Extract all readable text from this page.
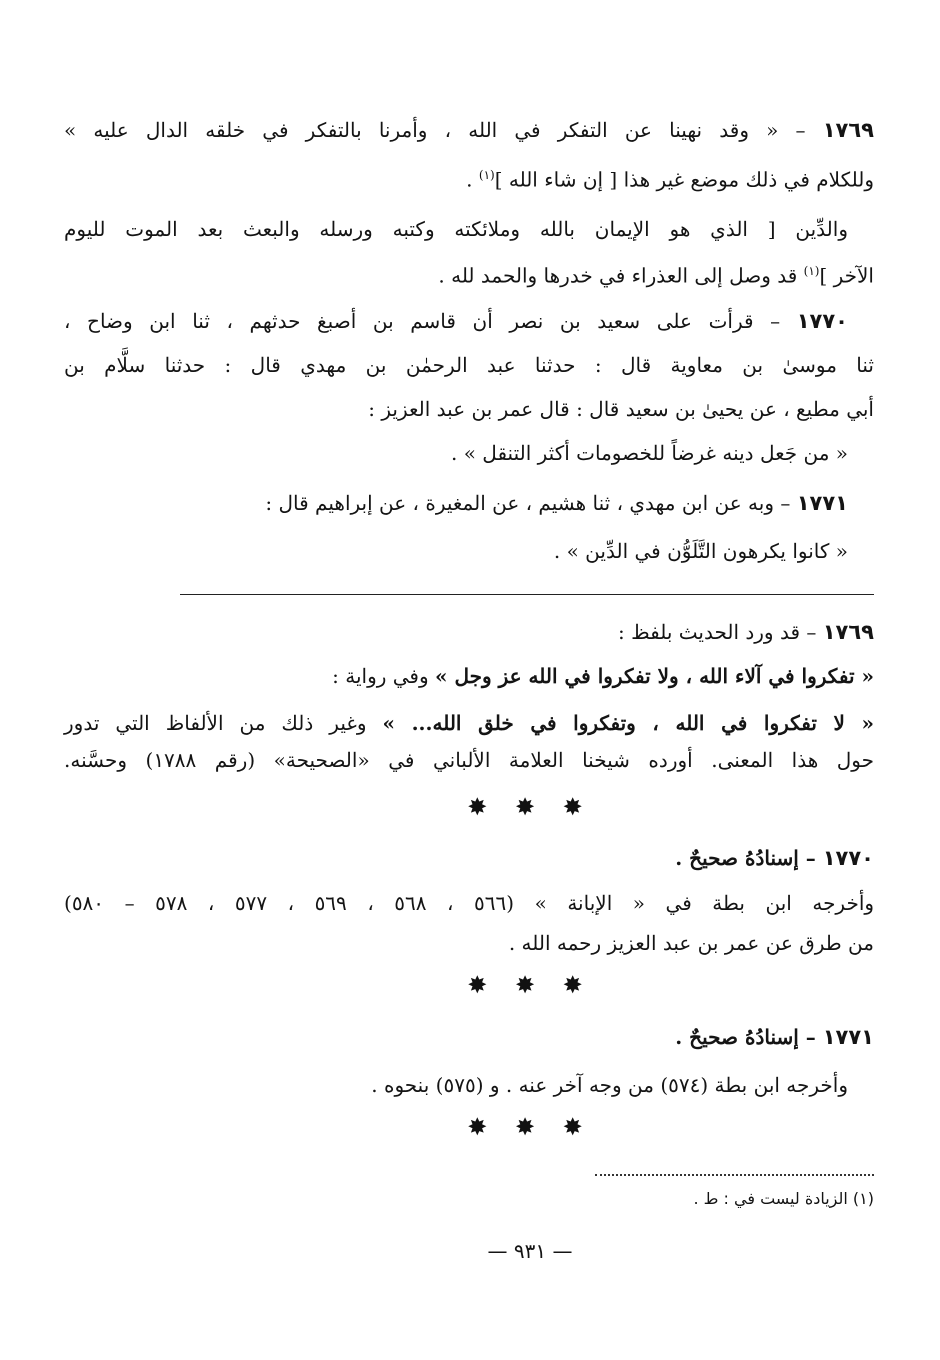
١٧٦٩ – « وقد نهينا عن التفكر في الله ، وأمرنا بالتفكر في خلقه الدال عليه »
وللكلام في ذلك موضع غير هذا [ إن شاء الله ]$^{(١)}$ .
والدِّين [ الذي هو الإيمان بالله وملائكته وكتبه ورسله والبعث بعد الموت لليوم
الآخر ]$^{(١)}$ قد وصل إلى العذراء في خدرها والحمد لله .
١٧٧٠ – قرأت على سعيد بن نصر أن قاسم بن أصبغ حدثهم ، ثنا ابن وضاح ،
ثنا موسىٰ بن معاوية قال : حدثنا عبد الرحمٰن بن مهدي قال : حدثنا سلَّام بن
أبي مطيع ، عن يحيىٰ بن سعيد قال : قال عمر بن عبد العزيز :
« من جَعل دينه غرضاً للخصومات أكثر التنقل » .
١٧٧١ – وبه عن ابن مهدي ، ثنا هشيم ، عن المغيرة ، عن إبراهيم قال :
« كانوا يكرهون التَّلَوُّن في الدِّين » .
١٧٦٩ – قد ورد الحديث بلفظ :
« تفكروا في آلاء الله ، ولا تفكروا في الله عز وجل » وفي رواية :
« لا تفكروا في الله ، وتفكروا في خلق الله... » وغير ذلك من الألفاظ التي تدور
حول هذا المعنى. أورده شيخنا العلامة الألباني في «الصحيحة» (رقم ١٧٨٨) وحسَّنه.
✸ ✸ ✸
١٧٧٠ – إسنادُهُ صحيحٌ .
وأخرجه ابن بطة في « الإبانة » (٥٦٦ ، ٥٦٨ ، ٥٦٩ ، ٥٧٧ ، ٥٧٨ – ٥٨٠)
من طرق عن عمر بن عبد العزيز رحمه الله .
✸ ✸ ✸
١٧٧١ – إسنادُهُ صحيحٌ .
وأخرجه ابن بطة (٥٧٤) من وجه آخر عنه . و (٥٧٥) بنحوه .
✸ ✸ ✸
(١) الزيادة ليست في : ط .
— ٩٣١ —
